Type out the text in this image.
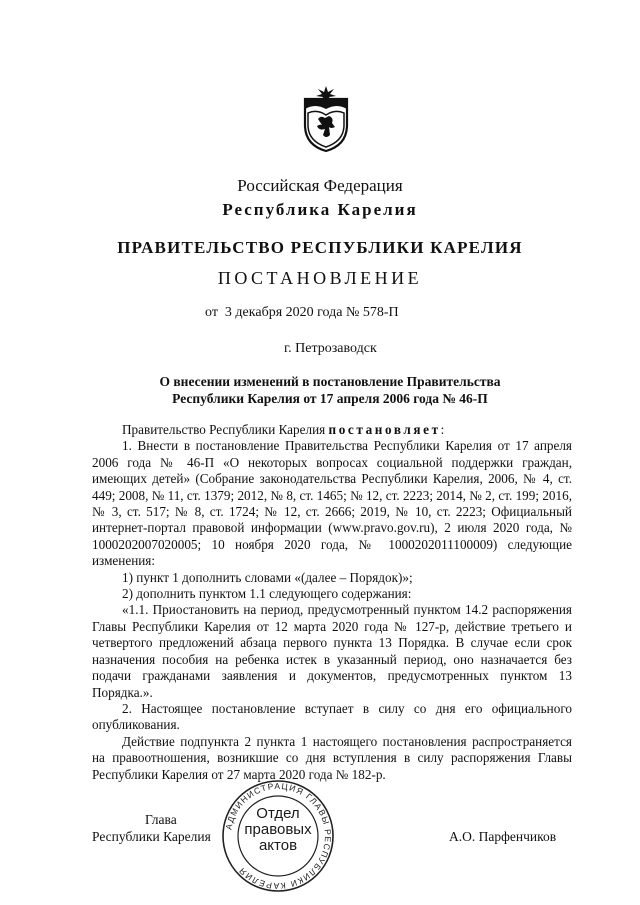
Российская Федерация
Республика Карелия
ПРАВИТЕЛЬСТВО РЕСПУБЛИКИ КАРЕЛИЯ
ПОСТАНОВЛЕНИЕ
от  3 декабря 2020 года № 578-П
г. Петрозаводск
О внесении изменений в постановление Правительства
Республики Карелия от 17 апреля 2006 года № 46-П

Правительство Республики Карелия постановляет:

1. Внести в постановление Правительства Республики Карелия от 17 апреля 2006 года № 46-П «О некоторых вопросах социальной поддержки граждан, имеющих детей» (Собрание законодательства Республики Карелия, 2006, № 4, ст. 449; 2008, № 11, ст. 1379; 2012, № 8, ст. 1465; № 12, ст. 2223; 2014, № 2, ст. 199; 2016, № 3, ст. 517; № 8, ст. 1724; № 12, ст. 2666; 2019, № 10, ст. 2223; Официальный интернет-портал правовой информации (www.pravo.gov.ru), 2 июля 2020 года, № 1000202007020005; 10 ноября 2020 года, № 1000202011100009) следующие изменения:

1) пункт 1 дополнить словами «(далее – Порядок)»;

2) дополнить пунктом 1.1 следующего содержания:

«1.1. Приостановить на период, предусмотренный пунктом 14.2 распоряжения Главы Республики Карелия от 12 марта 2020 года № 127-р, действие третьего и четвертого предложений абзаца первого пункта 13 Порядка. В случае если срок назначения пособия на ребенка истек в указанный период, оно назначается без подачи гражданами заявления и документов, предусмотренных пунктом 13 Порядка.».

2. Настоящее постановление вступает в силу со дня его официального опубликования.

Действие подпункта 2 пункта 1 настоящего постановления распространяется на правоотношения, возникшие со дня вступления в силу распоряжения Главы Республики Карелия от 27 марта 2020 года № 182-р.

Глава
Республики Карелия	А.О. Парфенчиков
АДМИНИСТРАЦИЯ ГЛАВЫ РЕСПУБЛИКИ КАРЕЛИЯ
Отдел
правовых
актов
